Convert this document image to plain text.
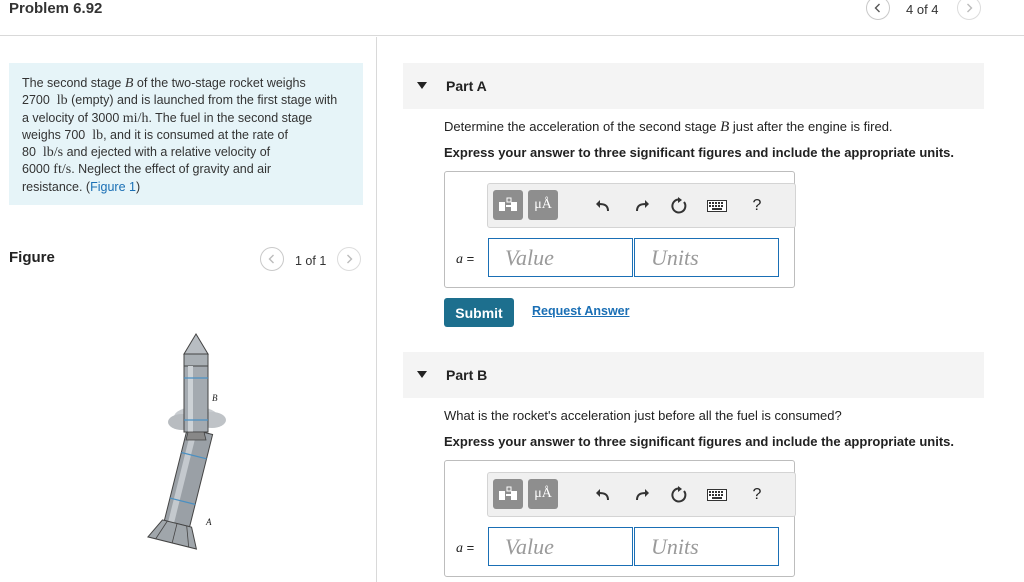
Problem 6.92	4 of 4
The second stage B of the two-stage rocket weighs
2700 lb (empty) and is launched from the first stage with
a velocity of 3000 mi/h. The fuel in the second stage
weighs 700 lb, and it is consumed at the rate of
80 lb/s and ejected with a relative velocity of
6000 ft/s. Neglect the effect of gravity and air
resistance. (Figure 1)
Figure	1 of 1
B
A
Part A
Determine the acceleration of the second stage B just after the engine is fired.
Express your answer to three significant figures and include the appropriate units.
μÅ	?
a =	Value	Units
Submit	Request Answer
Part B
What is the rocket's acceleration just before all the fuel is consumed?
Express your answer to three significant figures and include the appropriate units.
μÅ	?
a =	Value	Units
